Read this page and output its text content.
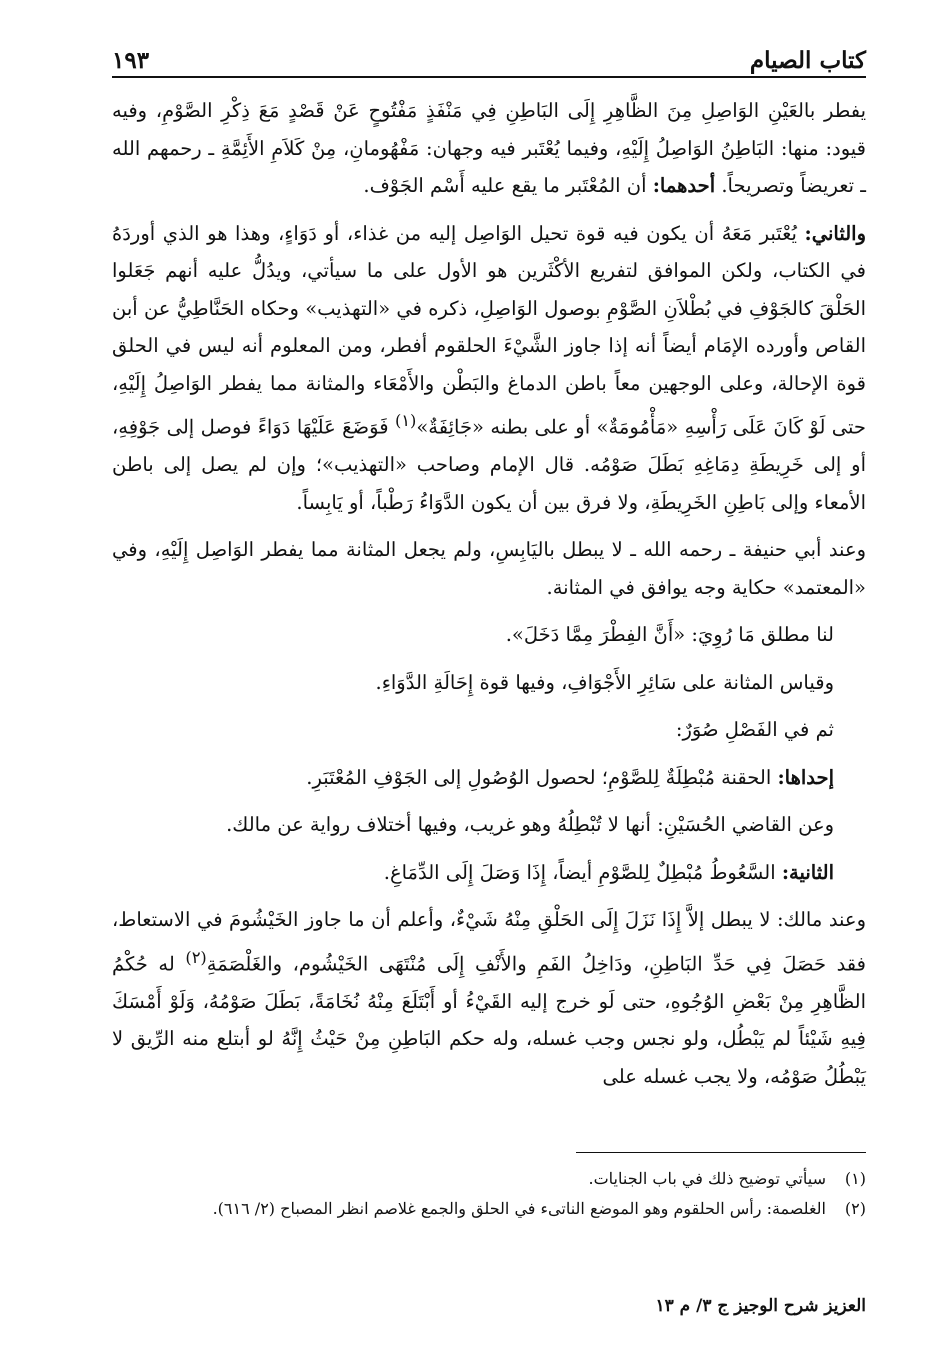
كتاب الصيام
١٩٣

يفطر بالعَيْنِ الوَاصِلِ مِنَ الظَّاهِرِ إِلَى البَاطِنِ فِي مَنْفَذٍ مَفْتُوحٍ عَنْ قَصْدٍ مَعَ ذِكْرِ الصَّوْمِ، وفيه قيود: منها: البَاطِنُ الوَاصِلُ إِلَيْهِ، وفيما يُعْتَبر فيه وجهان: مَفْهُومانِ، مِنْ كَلاَمِ الأَئِمَّةِ ـ رحمهم الله ـ تعريضاً وتصريحاً. أحدهما: أن المُعْتَبر ما يقع عليه أَسْم الجَوْف.

والثاني: يُعْتَبر مَعَهُ أن يكون فيه قوة تحيل الوَاصِل إليه من غذاء، أو دَوَاءٍ، وهذا هو الذي أوردَهُ في الكتاب، ولكن الموافق لتفريع الأكْثَرين هو الأول على ما سيأتي، ويدُلُّ عليه أنهم جَعَلوا الحَلْقَ كالجَوْفِ في بُطْلاَنِ الصَّوْمِ بوصول الوَاصِلِ، ذكره في «التهذيب» وحكاه الحَنَّاطِيُّ عن أبن القاص وأورده الإمَام أيضاً أنه إذا جاوز الشَّيْءَ الحلقوم أفطر، ومن المعلوم أنه ليس في الحلق قوة الإحالة، وعلى الوجهين معاً باطن الدماغ والبَطْن والأَمْعَاء والمثانة مما يفطر الوَاصِلُ إِلَيْهِ، حتى لَوْ كَانَ عَلَى رَأْسِهِ «مَأْمُومَةٌ» أو على بطنه «جَائِفَةٌ»$^{(١)}$ فَوَضَعَ عَلَيْهَا دَوَاءً فوصل إلى جَوْفِهِ، أو إلى خَرِيطَةِ دِمَاغِهِ بَطَلَ صَوْمُه. قال الإمام وصاحب «التهذيب»؛ وإن لم يصل إلى باطن الأمعاء وإلى بَاطِنِ الخَرِيطَةِ، ولا فرق بين أن يكون الدَّوَاءُ رَطْباً، أو يَابِساً.

وعند أبي حنيفة ـ رحمه الله ـ لا يبطل باليَابِسِ، ولم يجعل المثانة مما يفطر الوَاصِل إِلَيْهِ، وفي «المعتمد» حكاية وجه يوافق في المثانة.

لنا مطلق مَا رُوِيَ: «أَنَّ الفِطْرَ مِمَّا دَخَلَ».

وقياس المثانة على سَائِرِ الأَجْوَافِ، وفيها قوة إِحَالَةِ الدَّوَاءِ.

ثم في الفَصْلِ صُوَرٌ:

إحداها: الحقنة مُبْطِلَةٌ لِلصَّوْمِ؛ لحصول الوُصُولِ إلى الجَوْفِ المُعْتَبَرِ.

وعن القاضي الحُسَيْنِ: أنها لا تُبْطِلُهُ وهو غريب، وفيها أختلاف رواية عن مالك.

الثانية: السَّعُوطُ مُبْطِلٌ لِلصَّوْمِ أيضاً، إِذَا وَصَلَ إِلَى الدِّمَاغِ.

وعند مالك: لا يبطل إلاَّ إِذَا نَزَلَ إِلَى الحَلْقِ مِنْهُ شَيْءٌ، وأعلم أن ما جاوز الخَيْشُومَ في الاستعاط، فقد حَصَلَ فِي حَدِّ البَاطِنِ، ودَاخِلُ الفَمِ والأَنْفِ إِلَى مُنْتَهَى الخَيْشُوم، والغَلْصَمَةِ$^{(٢)}$ له حُكْمُ الظَّاهِرِ مِنْ بَعْضِ الوُجُوهِ، حتى لَو خرج إليه القَيْءُ أو أَبْتَلَعَ مِنْهُ نُخَامَةً، بَطَلَ صَوْمُهُ، وَلَوْ أَمْسَكَ فِيهِ شَيْئاً لم يَبْطُل، ولو نجس وجب غسله، وله حكم البَاطِنِ مِنْ حَيْثُ إِنَّهُ لو أبتلع منه الرِّيق لا يَبْطُلُ صَوْمُه، ولا يجب غسله على

(١)سيأتي توضيح ذلك في باب الجنايات.

(٢)الغلصمة: رأس الحلقوم وهو الموضع الناتىء في الحلق والجمع غلاصم انظر المصباح (٢/ ٦١٦).

العزيز شرح الوجيز ج ٣/ م ١٣
